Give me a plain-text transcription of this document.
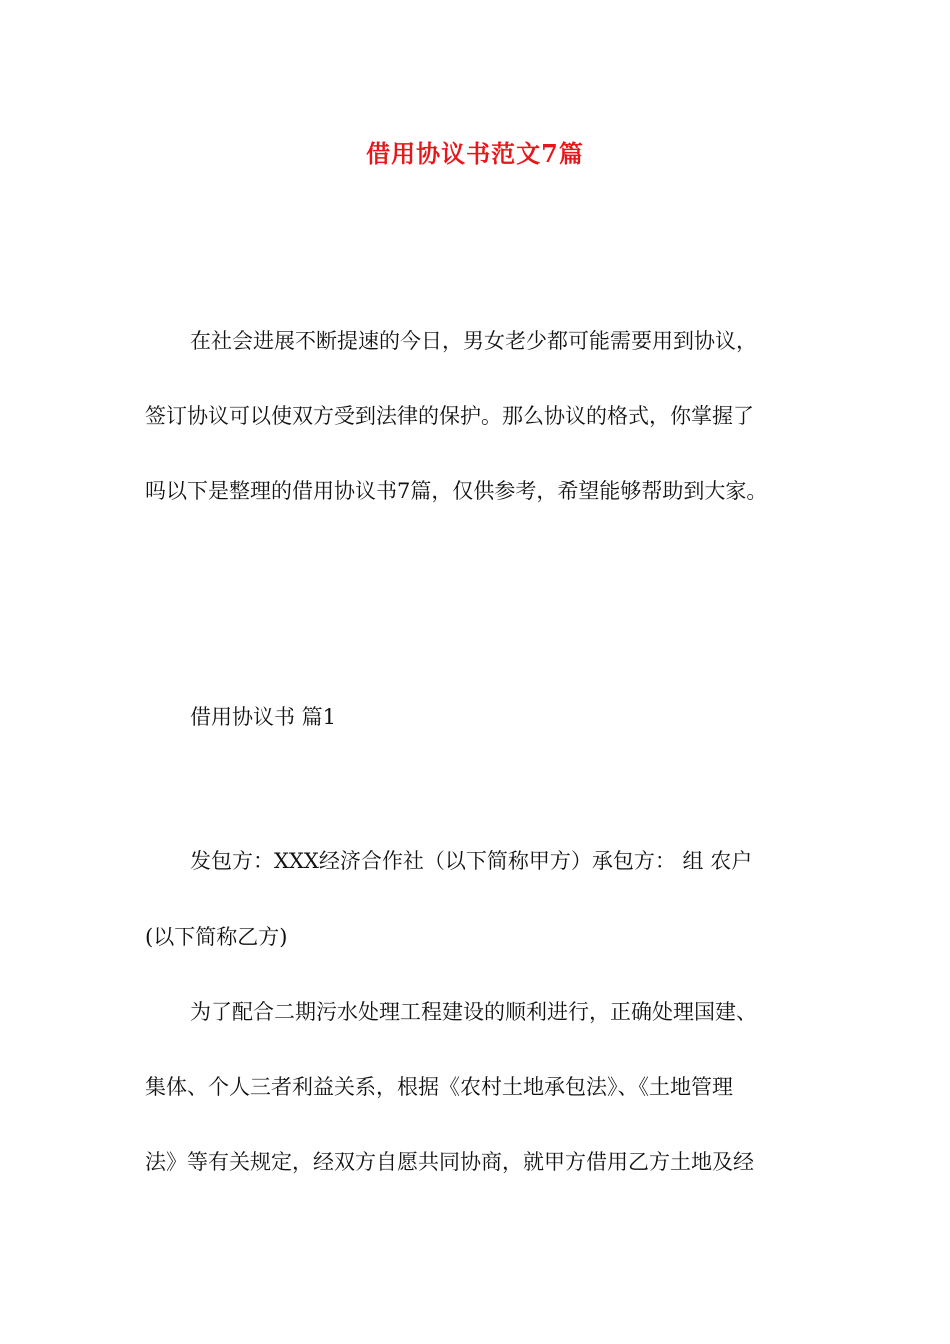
借用协议书范文7篇
在社会进展不断提速的今日，男女老少都可能需要用到协议，
签订协议可以使双方受到法律的保护。那么协议的格式，你掌握了
吗以下是整理的借用协议书7篇，仅供参考，希望能够帮助到大家。
借用协议书 篇1
发包方：XXX经济合作社（以下简称甲方）承包方： 组 农户
(以下简称乙方)
为了配合二期污水处理工程建设的顺利进行，正确处理国建、
集体、个人三者利益关系，根据《农村土地承包法》、《土地管理
法》等有关规定，经双方自愿共同协商，就甲方借用乙方土地及经
